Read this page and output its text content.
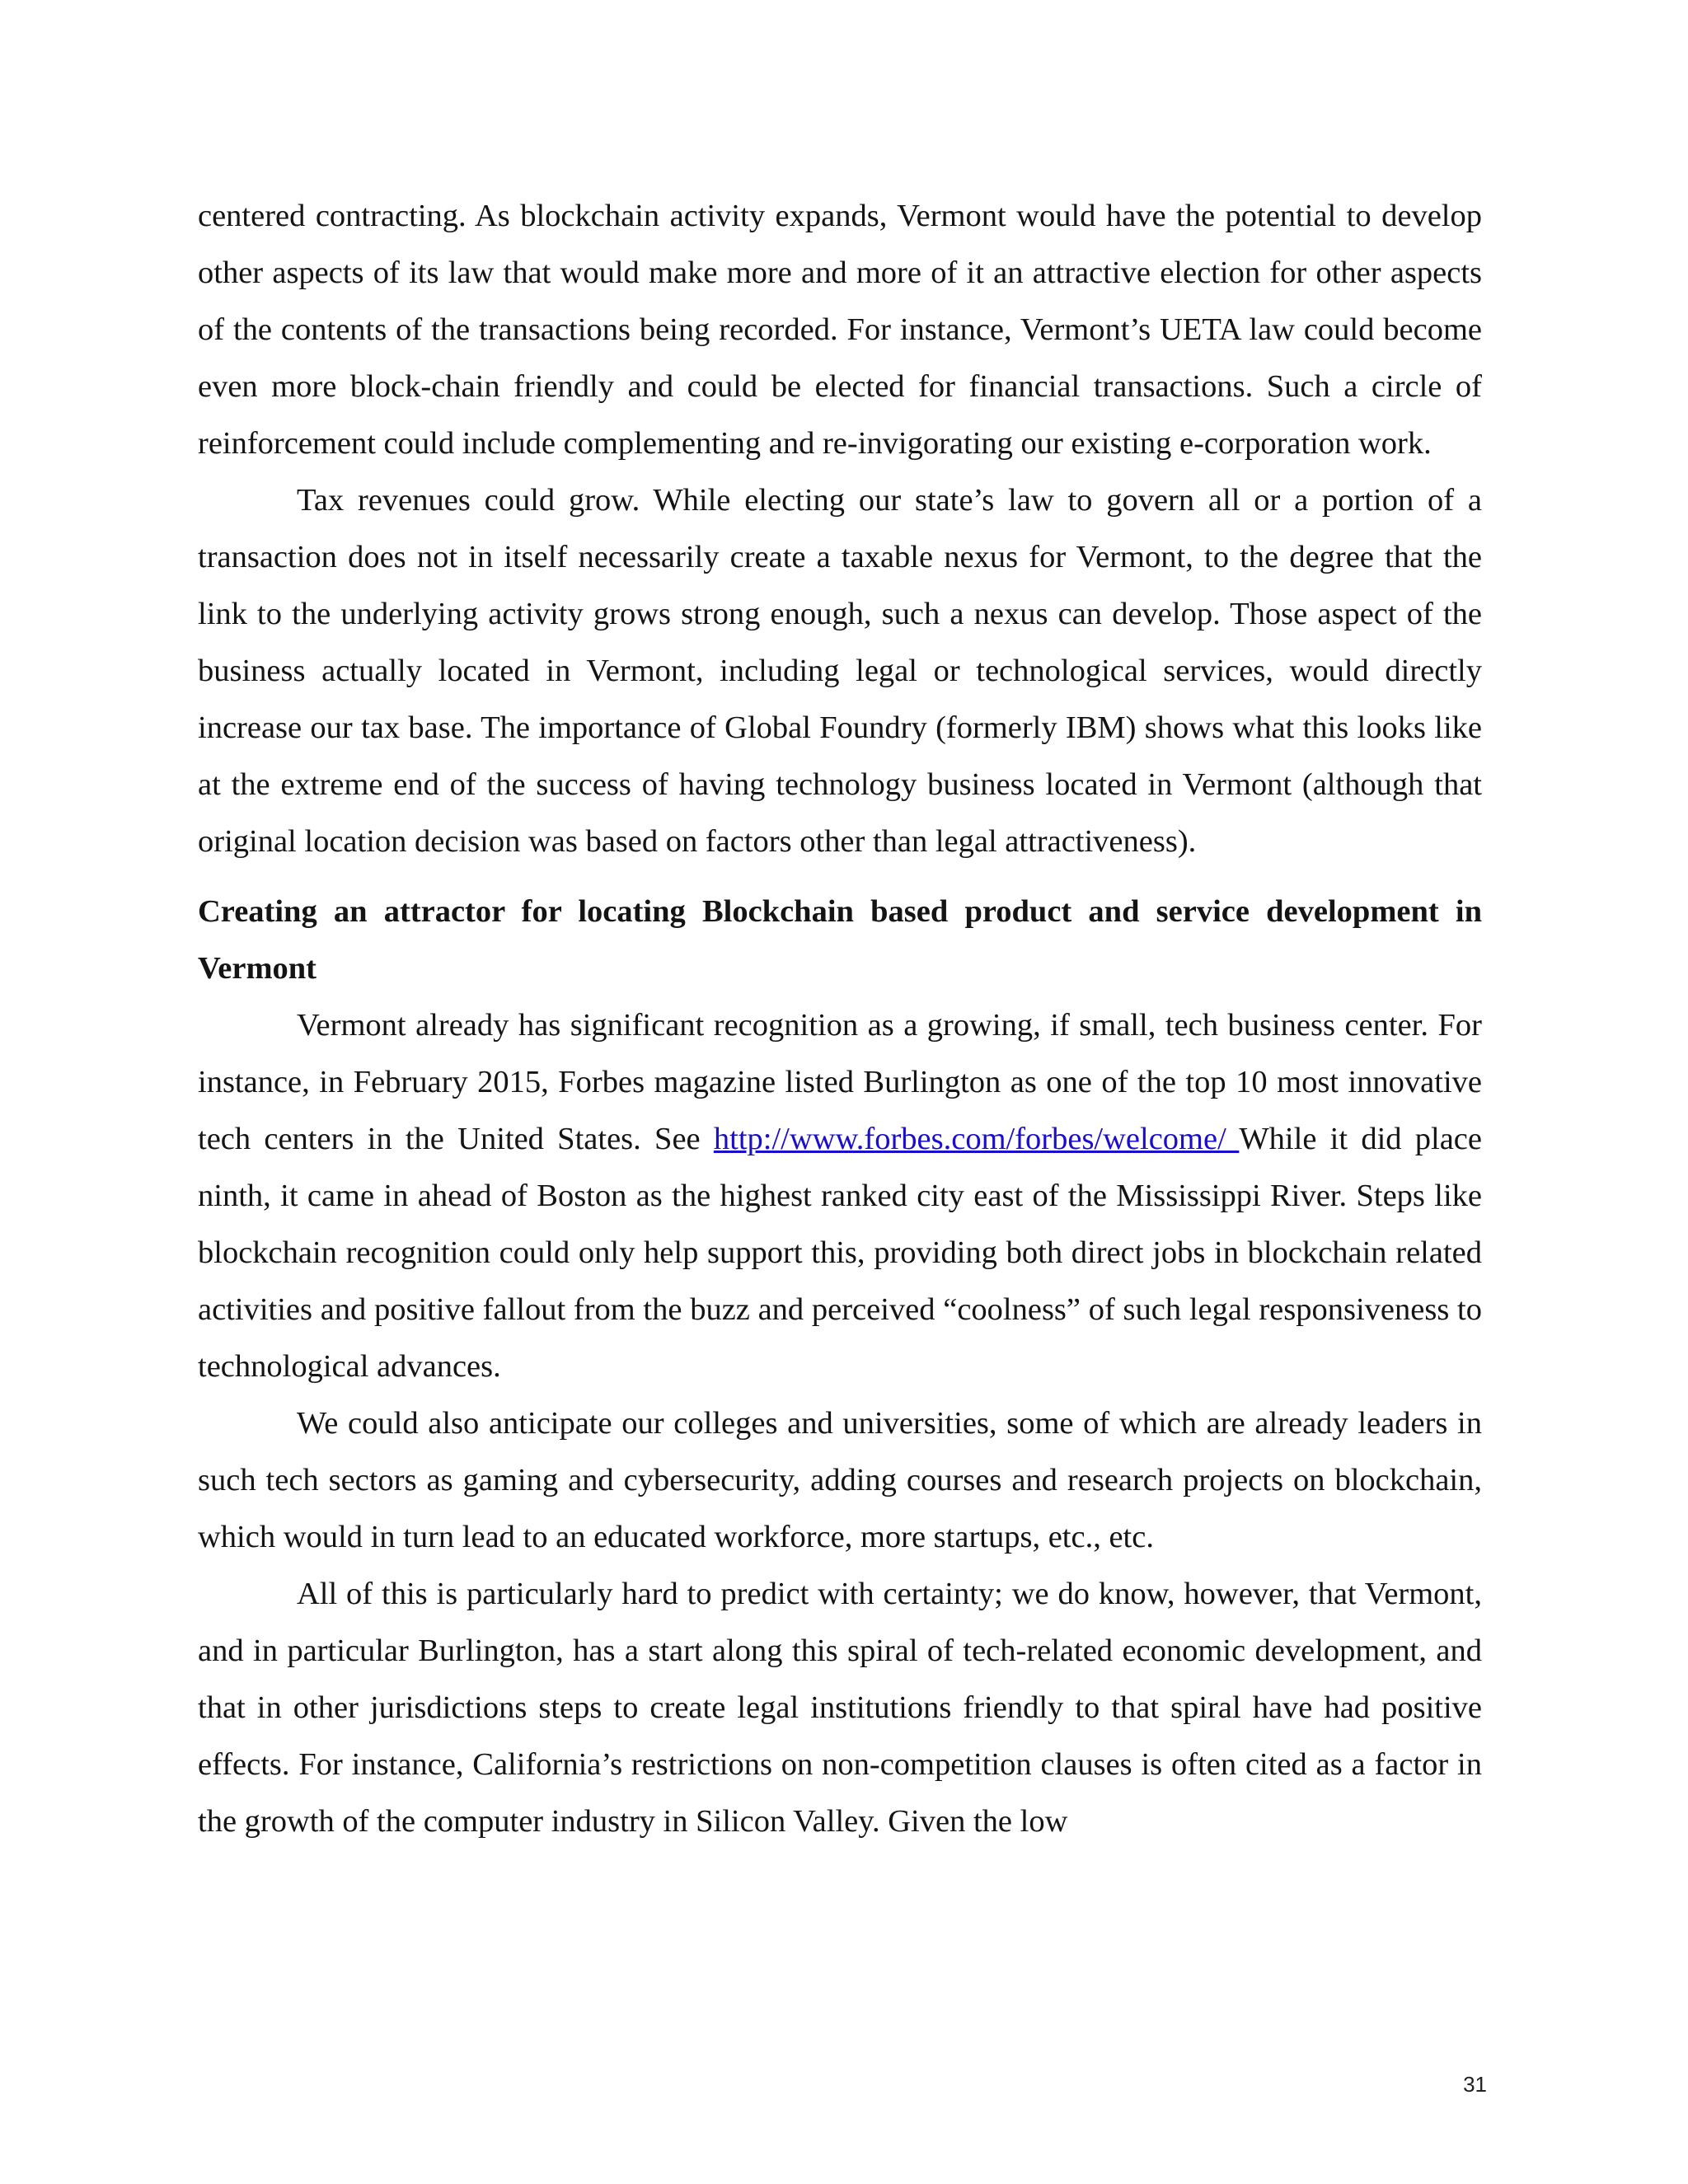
centered contracting. As blockchain activity expands, Vermont would have the potential to develop other aspects of its law that would make more and more of it an attractive election for other aspects of the contents of the transactions being recorded. For instance, Vermont’s UETA law could become even more block-chain friendly and could be elected for financial transactions. Such a circle of reinforcement could include complementing and re-invigorating our existing e-corporation work.

Tax revenues could grow. While electing our state’s law to govern all or a portion of a transaction does not in itself necessarily create a taxable nexus for Vermont, to the degree that the link to the underlying activity grows strong enough, such a nexus can develop. Those aspect of the business actually located in Vermont, including legal or technological services, would directly increase our tax base. The importance of Global Foundry (formerly IBM) shows what this looks like at the extreme end of the success of having technology business located in Vermont (although that original location decision was based on factors other than legal attractiveness).

Creating an attractor for locating Blockchain based product and service development in Vermont

Vermont already has significant recognition as a growing, if small, tech business center. For instance, in February 2015, Forbes magazine listed Burlington as one of the top 10 most innovative tech centers in the United States. See http://www.forbes.com/forbes/welcome/ While it did place ninth, it came in ahead of Boston as the highest ranked city east of the Mississippi River. Steps like blockchain recognition could only help support this, providing both direct jobs in blockchain related activities and positive fallout from the buzz and perceived “coolness” of such legal responsiveness to technological advances.

We could also anticipate our colleges and universities, some of which are already leaders in such tech sectors as gaming and cybersecurity, adding courses and research projects on blockchain, which would in turn lead to an educated workforce, more startups, etc., etc.

All of this is particularly hard to predict with certainty; we do know, however, that Vermont, and in particular Burlington, has a start along this spiral of tech-related economic development, and that in other jurisdictions steps to create legal institutions friendly to that spiral have had positive effects. For instance, California’s restrictions on non-competition clauses is often cited as a factor in the growth of the computer industry in Silicon Valley. Given the low

31
